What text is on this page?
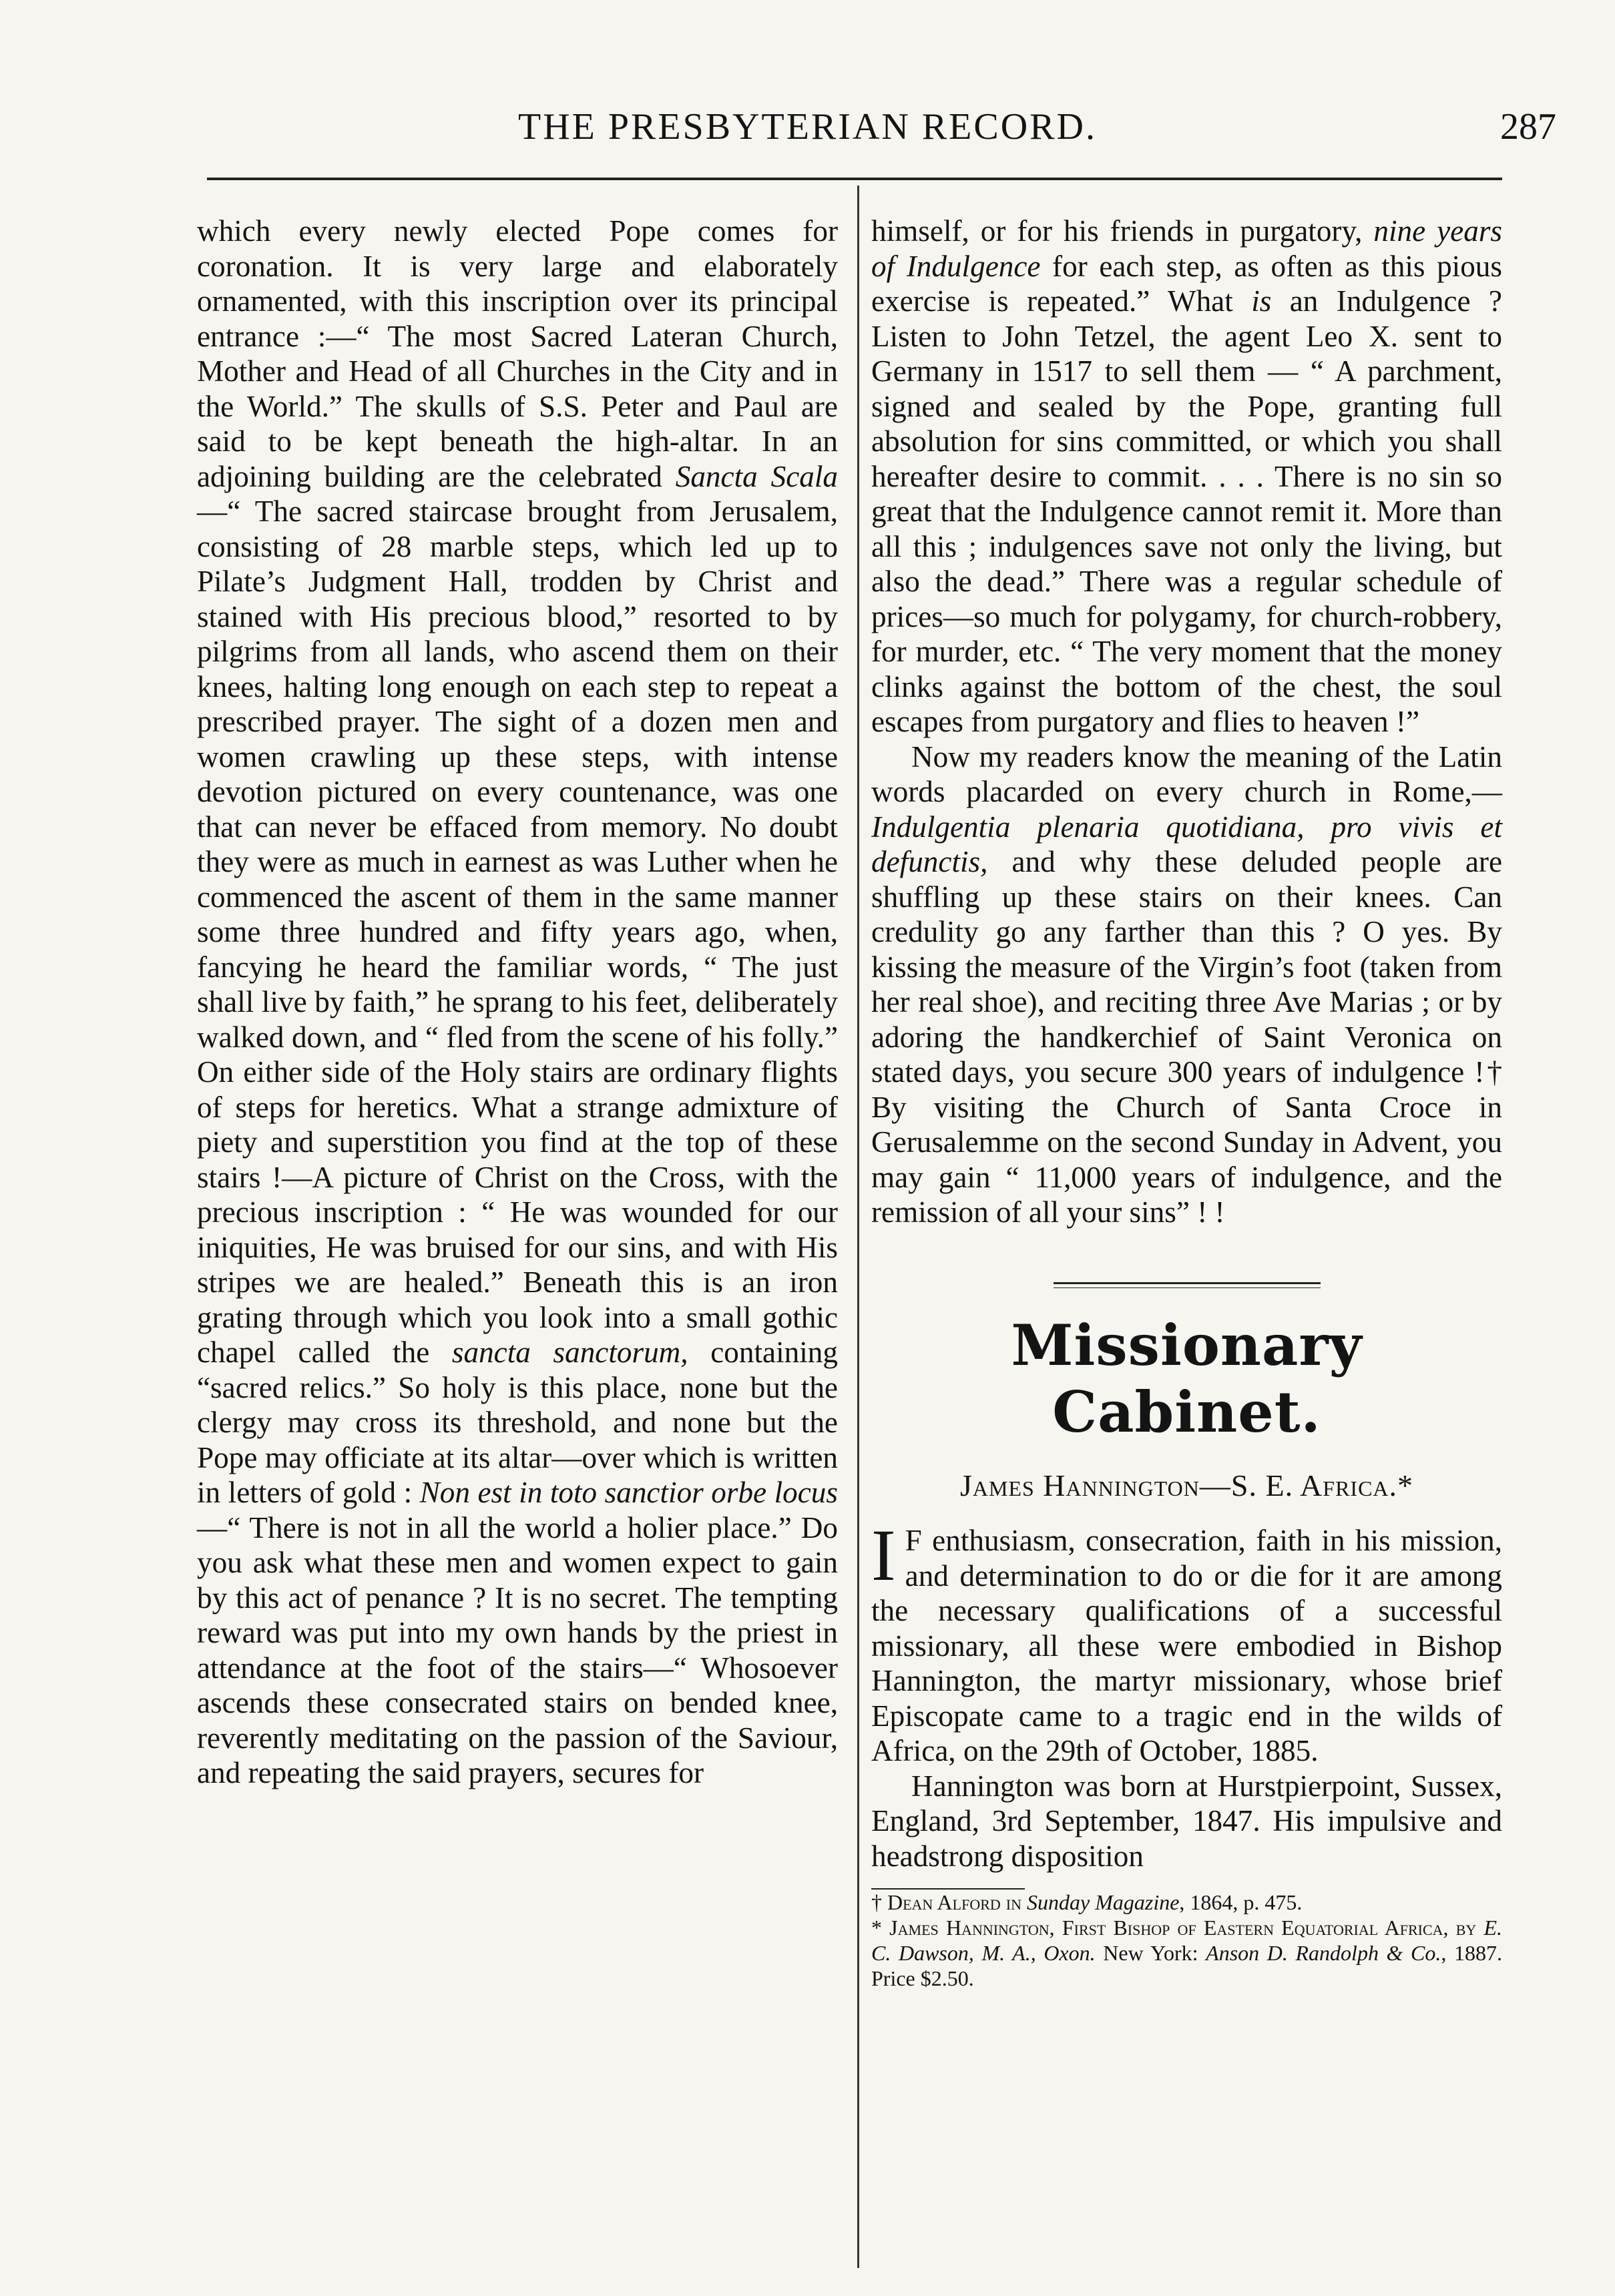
THE PRESBYTERIAN RECORD.	287

which every newly elected Pope comes for coronation. It is very large and elaborately ornamented, with this inscription over its principal entrance :—“ The most Sacred Lateran Church, Mother and Head of all Churches in the City and in the World.” The skulls of S.S. Peter and Paul are said to be kept beneath the high-altar. In an adjoining building are the celebrated Sancta Scala—“ The sacred staircase brought from Jerusalem, consisting of 28 marble steps, which led up to Pilate’s Judgment Hall, trodden by Christ and stained with His precious blood,” resorted to by pilgrims from all lands, who ascend them on their knees, halting long enough on each step to repeat a prescribed prayer. The sight of a dozen men and women crawling up these steps, with intense devotion pictured on every countenance, was one that can never be effaced from memory. No doubt they were as much in earnest as was Luther when he commenced the ascent of them in the same manner some three hundred and fifty years ago, when, fancying he heard the familiar words, “ The just shall live by faith,” he sprang to his feet, deliberately walked down, and “ fled from the scene of his folly.” On either side of the Holy stairs are ordinary flights of steps for heretics. What a strange admixture of piety and superstition you find at the top of these stairs !—A picture of Christ on the Cross, with the precious inscription : “ He was wounded for our iniquities, He was bruised for our sins, and with His stripes we are healed.” Beneath this is an iron grating through which you look into a small gothic chapel called the sancta sanctorum, containing “sacred relics.” So holy is this place, none but the clergy may cross its threshold, and none but the Pope may officiate at its altar—over which is written in letters of gold : Non est in toto sanctior orbe locus—“ There is not in all the world a holier place.” Do you ask what these men and women expect to gain by this act of penance ? It is no secret. The tempting reward was put into my own hands by the priest in attendance at the foot of the stairs—“ Whosoever ascends these consecrated stairs on bended knee, reverently meditating on the passion of the Saviour, and repeating the said prayers, secures for

himself, or for his friends in purgatory, nine years of Indulgence for each step, as often as this pious exercise is repeated.” What is an Indulgence ? Listen to John Tetzel, the agent Leo X. sent to Germany in 1517 to sell them — “ A parchment, signed and sealed by the Pope, granting full absolution for sins committed, or which you shall hereafter desire to commit. . . . There is no sin so great that the Indulgence cannot remit it. More than all this ; indulgences save not only the living, but also the dead.” There was a regular schedule of prices—so much for polygamy, for church-robbery, for murder, etc. “ The very moment that the money clinks against the bottom of the chest, the soul escapes from purgatory and flies to heaven !”

Now my readers know the meaning of the Latin words placarded on every church in Rome,—Indulgentia plenaria quotidiana, pro vivis et defunctis, and why these deluded people are shuffling up these stairs on their knees. Can credulity go any farther than this ? O yes. By kissing the measure of the Virgin’s foot (taken from her real shoe), and reciting three Ave Marias ; or by adoring the handkerchief of Saint Veronica on stated days, you secure 300 years of indulgence !† By visiting the Church of Santa Croce in Gerusalemme on the second Sunday in Advent, you may gain “ 11,000 years of indulgence, and the remission of all your sins” ! !

Missionary Cabinet.
James Hannington—S. E. Africa.*

I F enthusiasm, consecration, faith in his mission, and determination to do or die for it are among the necessary qualifications of a successful missionary, all these were embodied in Bishop Hannington, the martyr missionary, whose brief Episcopate came to a tragic end in the wilds of Africa, on the 29th of October, 1885.

Hannington was born at Hurstpierpoint, Sussex, England, 3rd September, 1847. His impulsive and headstrong disposition

† Dean Alford in Sunday Magazine, 1864, p. 475.

* James Hannington, First Bishop of Eastern Equatorial Africa, by E. C. Dawson, M. A., Oxon. New York: Anson D. Randolph & Co., 1887. Price $2.50.
